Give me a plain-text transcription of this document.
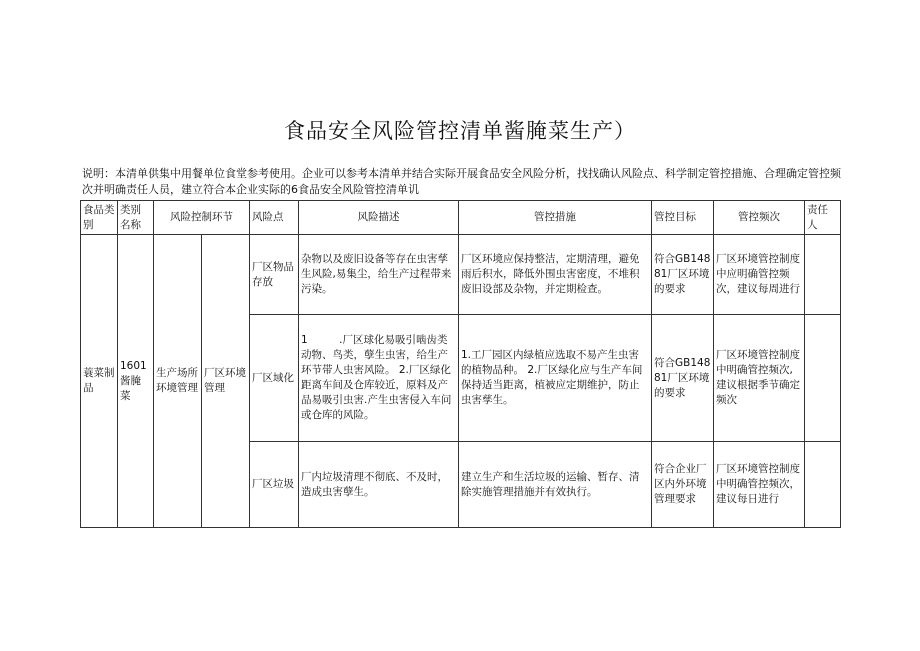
食品安全风险管控清单酱腌菜生产）
说明：本清单供集中用餐单位食堂参考使用。企业可以参考本清单并结合实际开展食品安全风险分析，找找确认风险点、科学制定管控措施、合理确定管控频次并明确责任人员，建立符合本企业实际的6食品安全风险管控清单讥
食品类别	类别名称	风险控制环节		风险点	风险描述	管控措施	管控目标	管控频次	责任人
蓑菜制品	1601酱腌菜	生产场所环境管理	厂区环境管理	厂区物品存放	杂物以及废旧设备等存在虫害孳生风险,易集尘，给生产过程带来污染。	厂区环境应保持整洁，定期清理，避免雨后积水，降低外围虫害密度，不堆积废旧设部及杂物，并定期检查。	符合GB14881厂区环境的要求	厂区环境管控制度中应明确管控频次，建议每周进行	
				厂区域化	1　　　.厂区球化易吸引啮齿类动物、鸟类，孽生虫害，给生产环节带人虫害风险。 2.厂区绿化距离车间及仓库较近，原料及产品易吸引虫害.产生虫害侵入车问或仓库的风险。	1.工厂园区内绿植应选取不易产生虫害的植物品种。 2.厂区绿化应与生产车间保持适当距离，植被应定期维护，防止虫害孳生。	符合GB14881厂区环境的要求	厂区环境管控制度中明确管控频次,建议根据季节确定频次	
				厂区垃圾	厂内垃圾清理不彻底、不及时，造成虫害孽生。	建立生产和生活垃圾的运输、暂存、清除实施管理措施并有效执行。	符合企业厂区内外环境管理要求	厂区环境管控制度中明确管控频次，建议每日进行	
